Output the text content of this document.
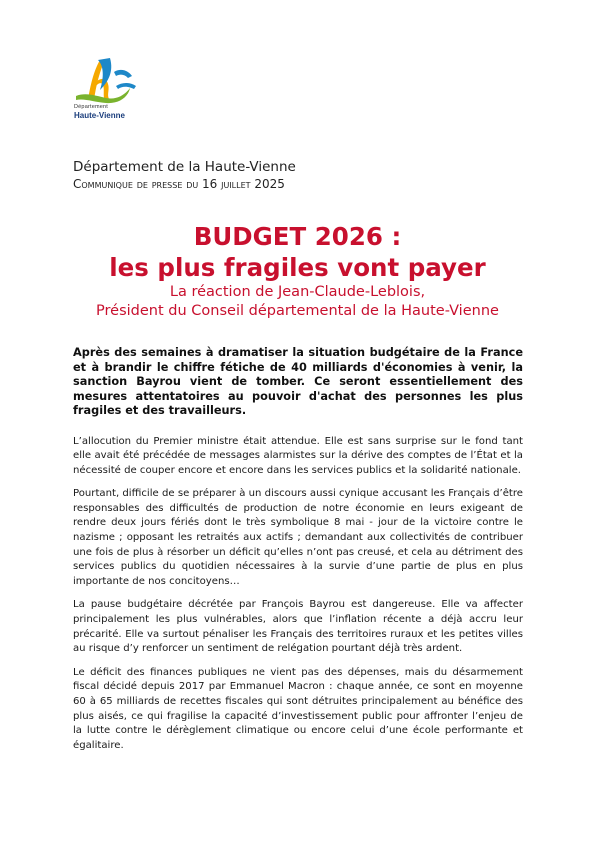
Département
Haute-Vienne
Département de la Haute-Vienne
Communique de presse du 16 juillet 2025
BUDGET 2026 :
les plus fragiles vont payer
La réaction de Jean-Claude-Leblois,
Président du Conseil départemental de la Haute-Vienne

Après des semaines à dramatiser la situation budgétaire de la France et à brandir le chiffre fétiche de 40 milliards d'économies à venir, la sanction Bayrou vient de tomber. Ce seront essentiellement des mesures attentatoires au pouvoir d'achat des personnes les plus fragiles et des travailleurs.

L’allocution du Premier ministre était attendue. Elle est sans surprise sur le fond tant elle avait été précédée de messages alarmistes sur la dérive des comptes de l’État et la nécessité de couper encore et encore dans les services publics et la solidarité nationale.

Pourtant, difficile de se préparer à un discours aussi cynique accusant les Français d’être responsables des difficultés de production de notre économie en leurs exigeant de rendre deux jours fériés dont le très symbolique 8 mai - jour de la victoire contre le nazisme ; opposant les retraités aux actifs ; demandant aux collectivités de contribuer une fois de plus à résorber un déficit qu’elles n’ont pas creusé, et cela au détriment des services publics du quotidien nécessaires à la survie d’une partie de plus en plus importante de nos concitoyens…

La pause budgétaire décrétée par François Bayrou est dangereuse. Elle va affecter principalement les plus vulnérables, alors que l’inflation récente a déjà accru leur précarité. Elle va surtout pénaliser les Français des territoires ruraux et les petites villes au risque d’y renforcer un sentiment de relégation pourtant déjà très ardent.

Le déficit des finances publiques ne vient pas des dépenses, mais du désarmement fiscal décidé depuis 2017 par Emmanuel Macron : chaque année, ce sont en moyenne 60 à 65 milliards de recettes fiscales qui sont détruites principalement au bénéfice des plus aisés, ce qui fragilise la capacité d’investissement public pour affronter l’enjeu de la lutte contre le dérèglement climatique ou encore celui d’une école performante et égalitaire.
